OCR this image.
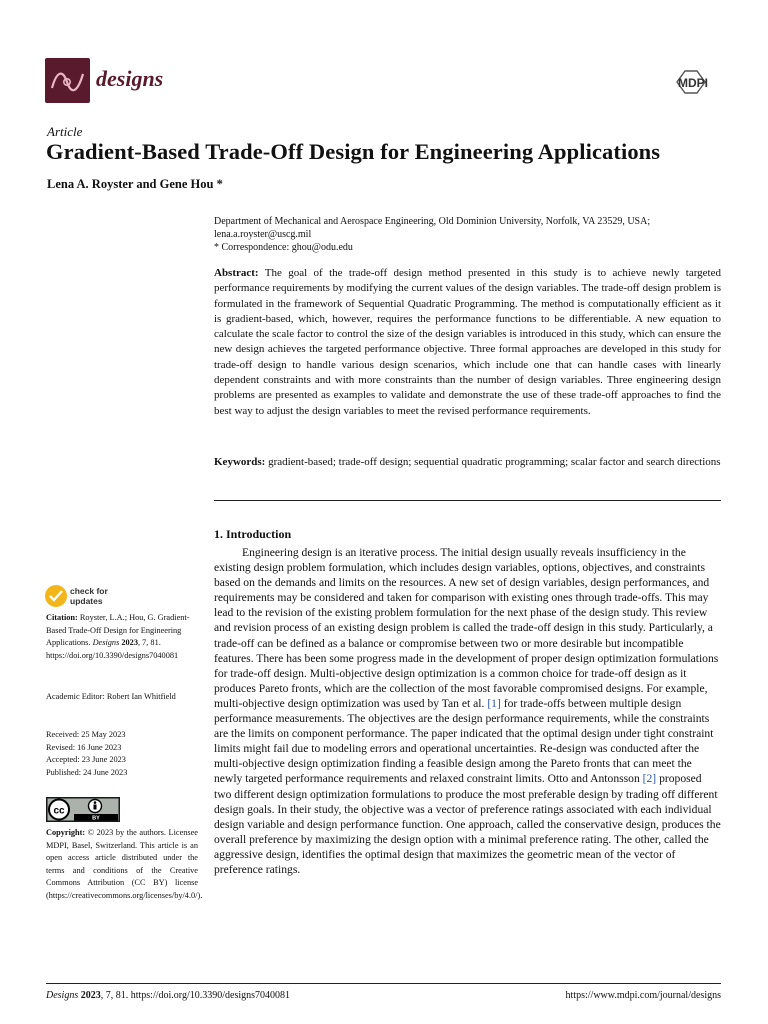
designs	MDPI
Article
Gradient-Based Trade-Off Design for Engineering Applications
Lena A. Royster and Gene Hou *
Department of Mechanical and Aerospace Engineering, Old Dominion University, Norfolk, VA 23529, USA;
lena.a.royster@uscg.mil
* Correspondence: ghou@odu.edu
Abstract: The goal of the trade-off design method presented in this study is to achieve newly targeted performance requirements by modifying the current values of the design variables. The trade-off design problem is formulated in the framework of Sequential Quadratic Programming. The method is computationally efficient as it is gradient-based, which, however, requires the performance functions to be differentiable. A new equation to calculate the scale factor to control the size of the design variables is introduced in this study, which can ensure the new design achieves the targeted performance objective. Three formal approaches are developed in this study for trade-off design to handle various design scenarios, which include one that can handle cases with linearly dependent constraints and with more constraints than the number of design variables. Three engineering design problems are presented as examples to validate and demonstrate the use of these trade-off approaches to find the best way to adjust the design variables to meet the revised performance requirements.
Keywords: gradient-based; trade-off design; sequential quadratic programming; scalar factor and search directions
1. Introduction
Engineering design is an iterative process. The initial design usually reveals insufficiency in the existing design problem formulation, which includes design variables, options, objectives, and constraints based on the demands and limits on the resources. A new set of design variables, design performances, and requirements may be considered and taken for comparison with existing ones through trade-offs. This may lead to the revision of the existing problem formulation for the next phase of the design study. This review and revision process of an existing design problem is called the trade-off design in this study. Particularly, a trade-off can be defined as a balance or compromise between two or more desirable but incompatible features. There has been some progress made in the development of proper design optimization formulations for trade-off design. Multi-objective design optimization is a common choice for trade-off design as it produces Pareto fronts, which are the collection of the most favorable compromised designs. For example, multi-objective design optimization was used by Tan et al. [1] for trade-offs between multiple design performance measurements. The objectives are the design performance requirements, while the constraints are the limits on component performance. The paper indicated that the optimal design under tight constraint limits might fail due to modeling errors and operational uncertainties. Re-design was conducted after the multi-objective design optimization finding a feasible design among the Pareto fronts that can meet the newly targeted performance requirements and relaxed constraint limits. Otto and Antonsson [2] proposed two different design optimization formulations to produce the most preferable design by trading off different design goals. In their study, the objective was a vector of preference ratings associated with each individual design variable and design performance function. One approach, called the conservative design, produces the overall preference by maximizing the design option with a minimal preference rating. The other, called the aggressive design, identifies the optimal design that maximizes the geometric mean of the vector of preference ratings.
check for
updates
Citation: Royster, L.A.; Hou, G. Gradient-Based Trade-Off Design for Engineering Applications. Designs 2023, 7, 81. https://doi.org/10.3390/designs7040081
Academic Editor: Robert Ian Whitfield
Received: 25 May 2023
Revised: 16 June 2023
Accepted: 23 June 2023
Published: 24 June 2023
cc
BY
Copyright: © 2023 by the authors. Licensee MDPI, Basel, Switzerland. This article is an open access article distributed under the terms and conditions of the Creative Commons Attribution (CC BY) license (https://creativecommons.org/licenses/by/4.0/).
Designs 2023, 7, 81. https://doi.org/10.3390/designs7040081	https://www.mdpi.com/journal/designs
